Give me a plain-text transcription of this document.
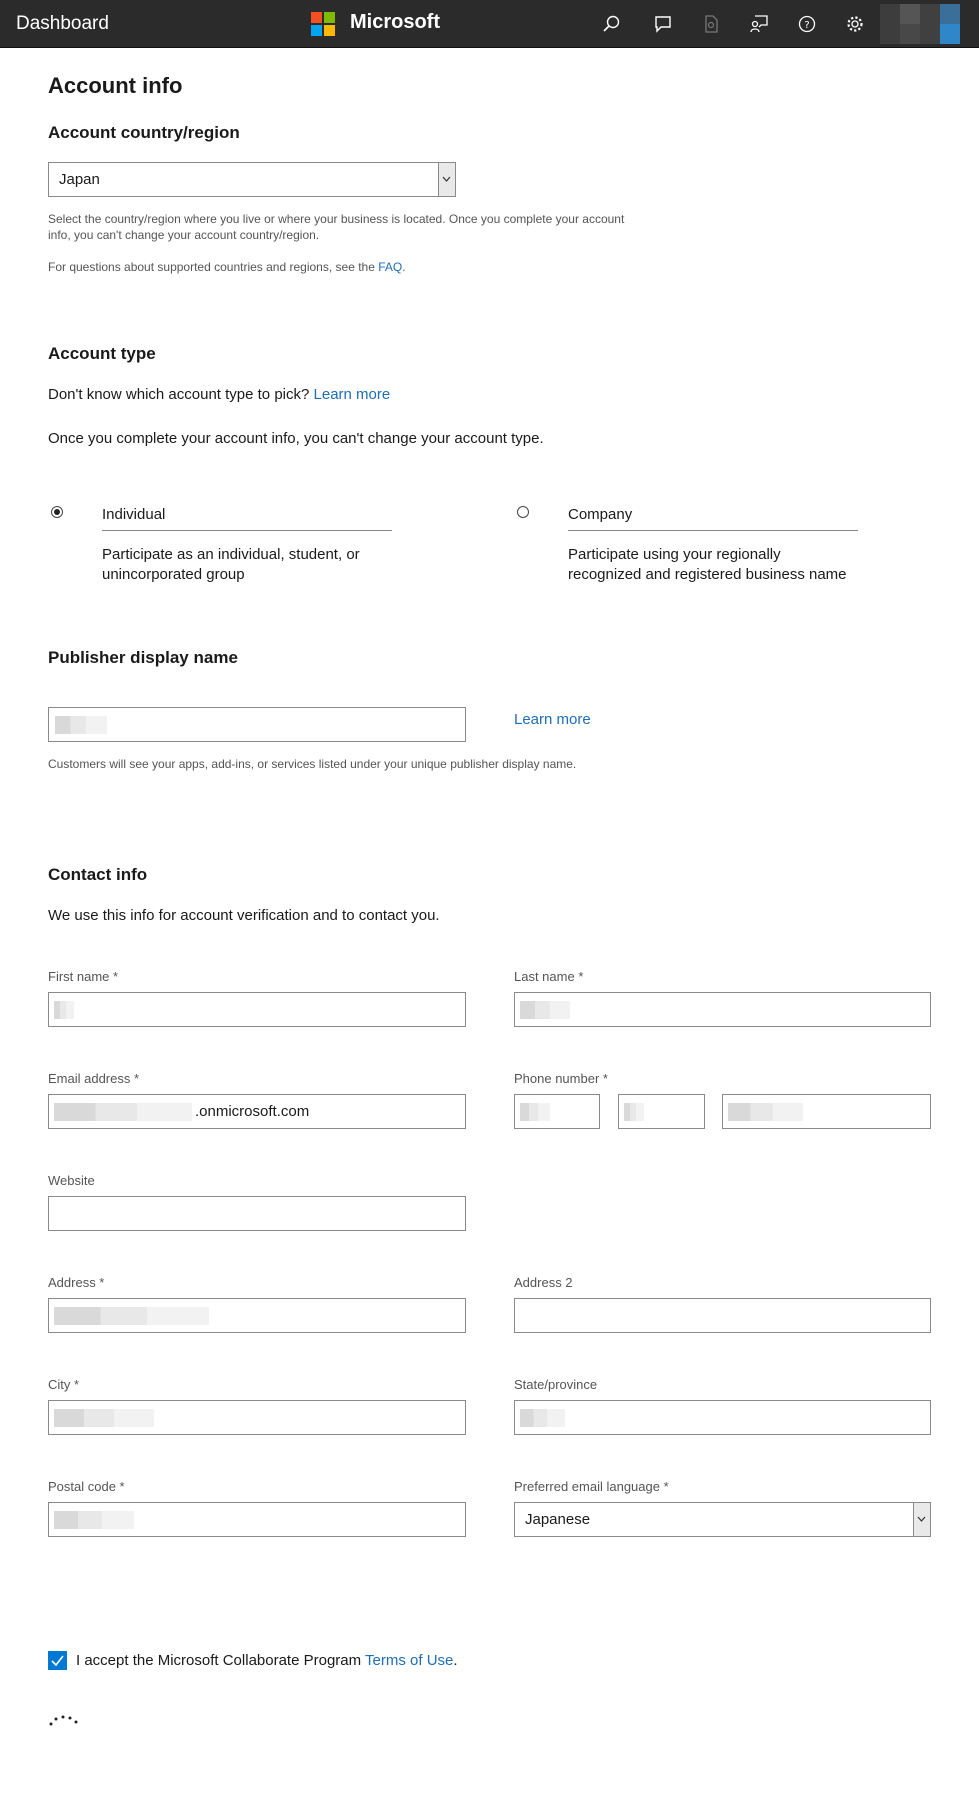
Dashboard	Microsoft	?
Account info
Account country/region
Japan
Select the country/region where you live or where your business is located. Once you complete your account info, you can't change your account country/region.
For questions about supported countries and regions, see the FAQ.
Account type
Don't know which account type to pick? Learn more
Once you complete your account info, you can't change your account type.
Individual
Participate as an individual, student, or
unincorporated group
Company
Participate using your regionally
recognized and registered business name
Publisher display name
Learn more
Customers will see your apps, add-ins, or services listed under your unique publisher display name.
Contact info
We use this info for account verification and to contact you.
First name *	Last name *
Email address *
.onmicrosoft.com
Phone number *
Website
Address *	Address 2
City *	State/province
Postal code *	Preferred email language *
Japanese
I accept the Microsoft Collaborate Program Terms of Use.
